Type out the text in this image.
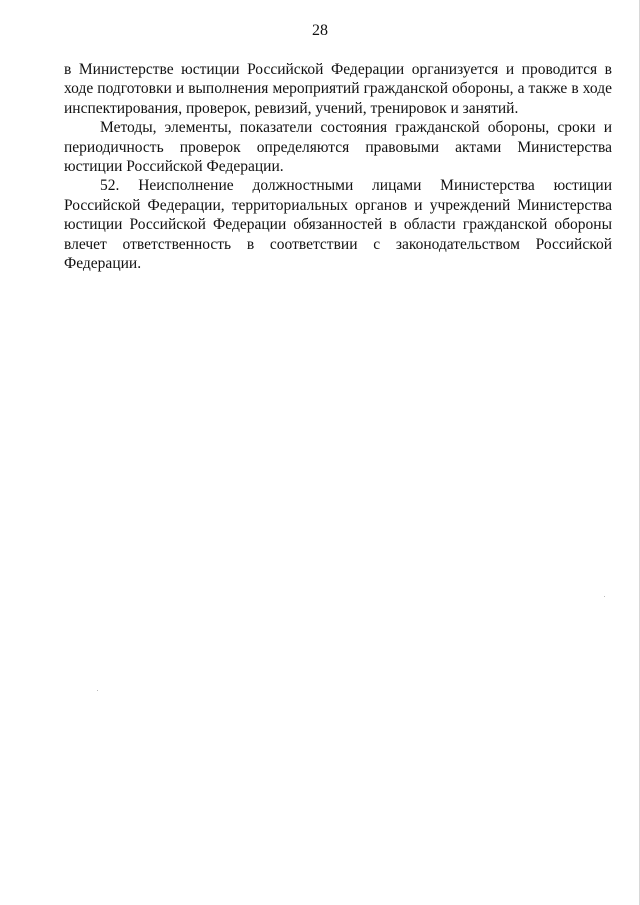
28

в Министерстве юстиции Российской Федерации организуется и проводится в ходе подготовки и выполнения мероприятий гражданской обороны, а также в ходе инспектирования, проверок, ревизий, учений, тренировок и занятий.

Методы, элементы, показатели состояния гражданской обороны, сроки и периодичность проверок определяются правовыми актами Министерства юстиции Российской Федерации.

52. Неисполнение должностными лицами Министерства юстиции Российской Федерации, территориальных органов и учреждений Министерства юстиции Российской Федерации обязанностей в области гражданской обороны влечет ответственность в соответствии с законодательством Российской Федерации.
